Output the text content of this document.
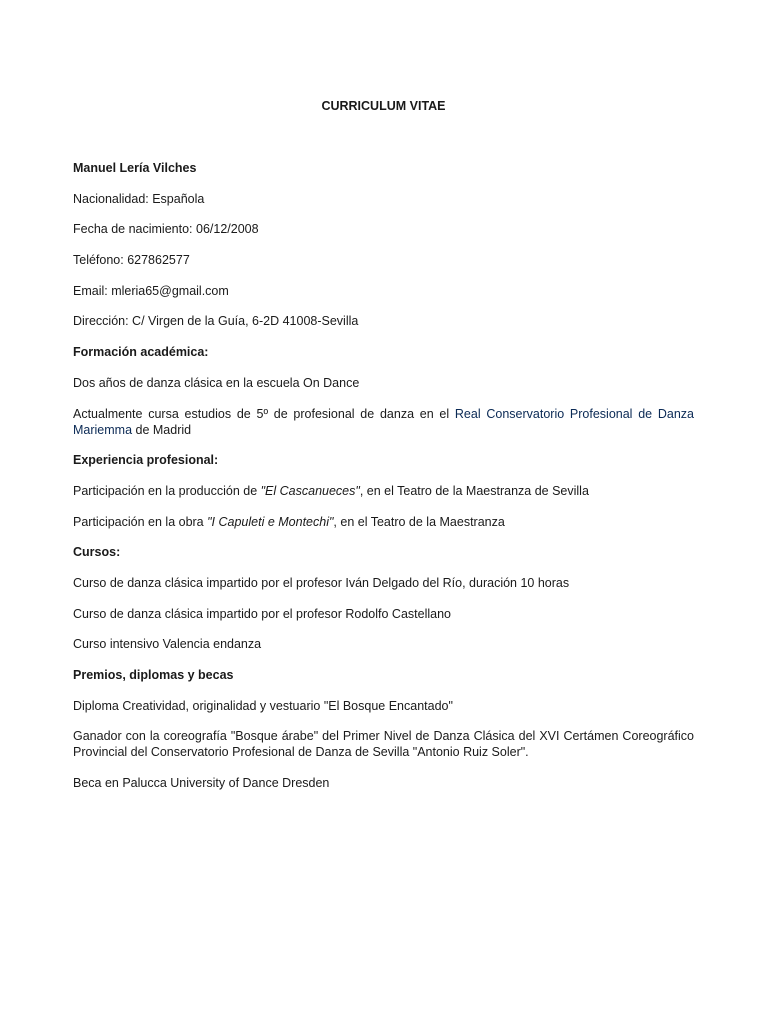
CURRICULUM VITAE

Manuel Lería Vilches

Nacionalidad: Española

Fecha de nacimiento: 06/12/2008

Teléfono: 627862577

Email: mleria65@gmail.com

Dirección: C/ Virgen de la Guía, 6-2D 41008-Sevilla

Formación académica:

Dos años de danza clásica en la escuela On Dance

Actualmente cursa estudios de 5º de profesional de danza en el Real Conservatorio Profesional de Danza Mariemma de Madrid

Experiencia profesional:

Participación en la producción de "El Cascanueces", en el Teatro de la Maestranza de Sevilla

Participación en la obra "I Capuleti e Montechi", en el Teatro de la Maestranza

Cursos:

Curso de danza clásica impartido por el profesor Iván Delgado del Río, duración 10 horas

Curso de danza clásica impartido por el profesor Rodolfo Castellano

Curso intensivo Valencia endanza

Premios, diplomas y becas

Diploma Creatividad, originalidad y vestuario "El Bosque Encantado"

Ganador con la coreografía "Bosque árabe" del Primer Nivel de Danza Clásica del XVI Certámen Coreográfico Provincial del Conservatorio Profesional de Danza de Sevilla "Antonio Ruiz Soler".

Beca en Palucca University of Dance Dresden
